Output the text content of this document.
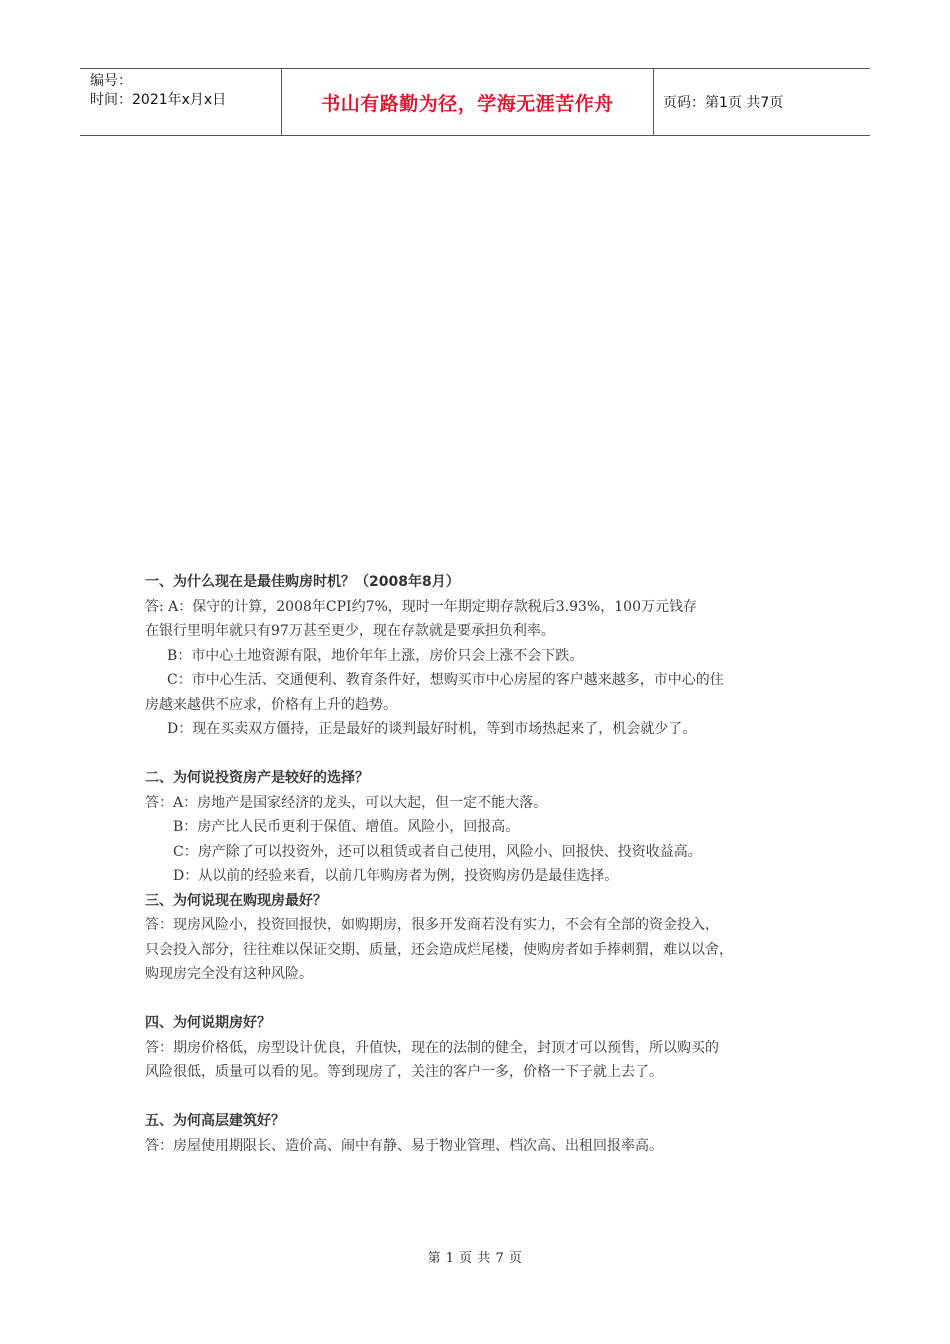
编号：
时间：2021年x月x日	书山有路勤为径，学海无涯苦作舟	页码：第1页 共7页

一、为什么现在是最佳购房时机？（2008年8月）

答: A：保守的计算，2008年CPI约7%，现时一年期定期存款税后3.93%，100万元钱存

在银行里明年就只有97万甚至更少，现在存款就是要承担负利率。

B：市中心土地资源有限，地价年年上涨，房价只会上涨不会下跌。

C：市中心生活、交通便利、教育条件好，想购买市中心房屋的客户越来越多，市中心的住

房越来越供不应求，价格有上升的趋势。

D：现在买卖双方僵持，正是最好的谈判最好时机，等到市场热起来了，机会就少了。

二、为何说投资房产是较好的选择？

答：A：房地产是国家经济的龙头，可以大起，但一定不能大落。

B：房产比人民币更利于保值、增值。风险小，回报高。

C：房产除了可以投资外，还可以租赁或者自己使用，风险小、回报快、投资收益高。

D：从以前的经验来看，以前几年购房者为例，投资购房仍是最佳选择。

三、为何说现在购现房最好？

答：现房风险小，投资回报快，如购期房，很多开发商若没有实力，不会有全部的资金投入，

只会投入部分，往往难以保证交期、质量，还会造成烂尾楼，使购房者如手捧刺猬，难以以舍，

购现房完全没有这种风险。

四、为何说期房好？

答：期房价格低，房型设计优良，升值快，现在的法制的健全，封顶才可以预售，所以购买的

风险很低，质量可以看的见。等到现房了，关注的客户一多，价格一下子就上去了。

五、为何高层建筑好？

答：房屋使用期限长、造价高、闹中有静、易于物业管理、档次高、出租回报率高。

第 1 页 共 7 页
